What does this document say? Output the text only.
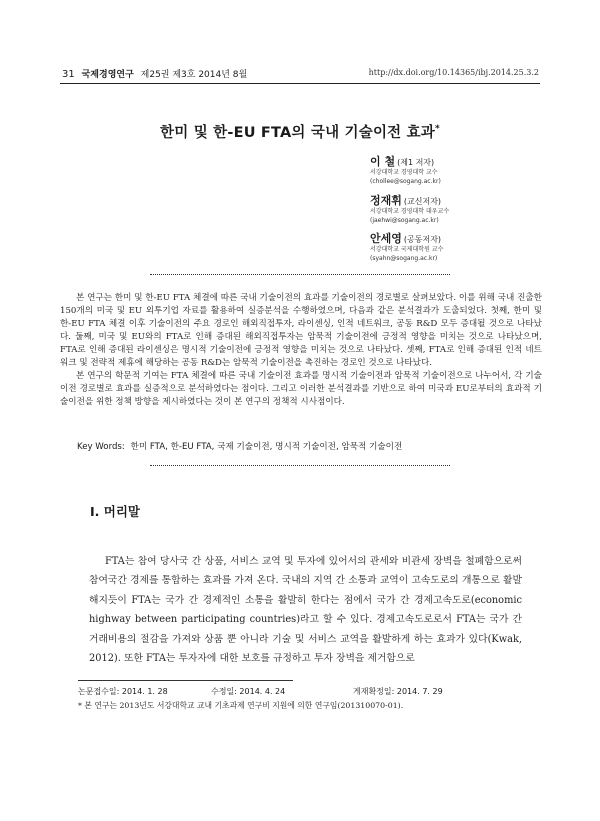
31 국제경영연구 제25권 제3호 2014년 8월	http://dx.doi.org/10.14365/ibj.2014.25.3.2
한미 및 한-EU FTA의 국내 기술이전 효과*
이 철 (제1 저자)
서강대학교 경영대학 교수
(chollee@sogang.ac.kr)
정재휘 (교신저자)
서강대학교 경영대학 대우교수
(jaehwi@sogang.ac.kr)
안세영 (공동저자)
서강대학교 국제대학원 교수
(syahn@sogang.ac.kr)

본 연구는 한미 및 한-EU FTA 체결에 따른 국내 기술이전의 효과를 기술이전의 경로별로 살펴보았다. 이를 위해 국내 진출한 150개의 미국 및 EU 외투기업 자료를 활용하여 실증분석을 수행하였으며, 다음과 같은 분석결과가 도출되었다. 첫째, 한미 및 한-EU FTA 체결 이후 기술이전의 주요 경로인 해외직접투자, 라이센싱, 인적 네트워크, 공동 R&D 모두 증대될 것으로 나타났다. 둘째, 미국 및 EU와의 FTA로 인해 증대된 해외직접투자는 암묵적 기술이전에 긍정적 영향을 미치는 것으로 나타났으며, FTA로 인해 증대된 라이센싱은 명시적 기술이전에 긍정적 영향을 미치는 것으로 나타났다. 셋째, FTA로 인해 증대된 인적 네트워크 및 전략적 제휴에 해당하는 공동 R&D는 암묵적 기술이전을 촉진하는 경로인 것으로 나타났다.

본 연구의 학문적 기여는 FTA 체결에 따른 국내 기술이전 효과를 명시적 기술이전과 암묵적 기술이전으로 나누어서, 각 기술이전 경로별로 효과를 실증적으로 분석하였다는 점이다. 그리고 이러한 분석결과를 기반으로 하여 미국과 EU로부터의 효과적 기술이전을 위한 정책 방향을 제시하였다는 것이 본 연구의 정책적 시사점이다.

Key Words: 한미 FTA, 한-EU FTA, 국제 기술이전, 명시적 기술이전, 암묵적 기술이전
Ⅰ. 머리말

FTA는 참여 당사국 간 상품, 서비스 교역 및 투자에 있어서의 관세와 비관세 장벽을 철폐함으로써 참여국간 경제를 통합하는 효과를 가져 온다. 국내의 지역 간 소통과 교역이 고속도로의 개통으로 활발해지듯이 FTA는 국가 간 경제적인 소통을 활발히 한다는 점에서 국가 간 경제고속도로(economic highway between participating countries)라고 할 수 있다. 경제고속도로로서 FTA는 국가 간 거래비용의 절감을 가져와 상품 뿐 아니라 기술 및 서비스 교역을 활발하게 하는 효과가 있다(Kwak, 2012). 또한 FTA는 투자자에 대한 보호를 규정하고 투자 장벽을 제거함으로

논문접수일: 2014. 1. 28	수정일: 2014. 4. 24	게재확정일: 2014. 7. 29
* 본 연구는 2013년도 서강대학교 교내 기초과제 연구비 지원에 의한 연구임(201310070-01).
